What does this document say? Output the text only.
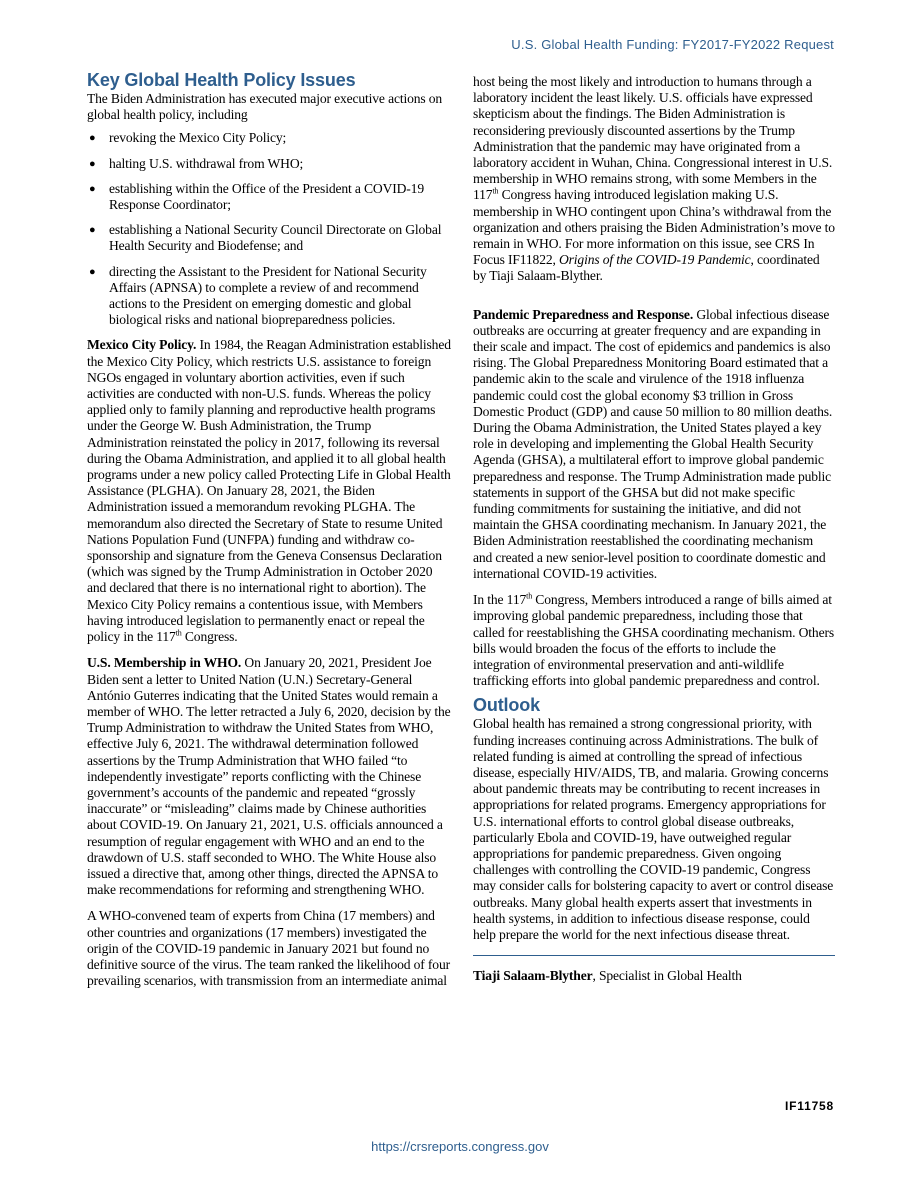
U.S. Global Health Funding: FY2017-FY2022 Request
Key Global Health Policy Issues

The Biden Administration has executed major executive actions on global health policy, including

● revoking the Mexico City Policy;
● halting U.S. withdrawal from WHO;
● establishing within the Office of the President a COVID-19 Response Coordinator;
● establishing a National Security Council Directorate on Global Health Security and Biodefense; and
● directing the Assistant to the President for National Security Affairs (APNSA) to complete a review of and recommend actions to the President on emerging domestic and global biological risks and national biopreparedness policies.

Mexico City Policy. In 1984, the Reagan Administration established the Mexico City Policy, which restricts U.S. assistance to foreign NGOs engaged in voluntary abortion activities, even if such activities are conducted with non-U.S. funds. Whereas the policy applied only to family planning and reproductive health programs under the George W. Bush Administration, the Trump Administration reinstated the policy in 2017, following its reversal during the Obama Administration, and applied it to all global health programs under a new policy called Protecting Life in Global Health Assistance (PLGHA). On January 28, 2021, the Biden Administration issued a memorandum revoking PLGHA. The memorandum also directed the Secretary of State to resume United Nations Population Fund (UNFPA) funding and withdraw co-sponsorship and signature from the Geneva Consensus Declaration (which was signed by the Trump Administration in October 2020 and declared that there is no international right to abortion). The Mexico City Policy remains a contentious issue, with Members having introduced legislation to permanently enact or repeal the policy in the 117th Congress.

U.S. Membership in WHO. On January 20, 2021, President Joe Biden sent a letter to United Nation (U.N.) Secretary-General António Guterres indicating that the United States would remain a member of WHO. The letter retracted a July 6, 2020, decision by the Trump Administration to withdraw the United States from WHO, effective July 6, 2021. The withdrawal determination followed assertions by the Trump Administration that WHO failed “to independently investigate” reports conflicting with the Chinese government’s accounts of the pandemic and repeated “grossly inaccurate” or “misleading” claims made by Chinese authorities about COVID-19. On January 21, 2021, U.S. officials announced a resumption of regular engagement with WHO and an end to the drawdown of U.S. staff seconded to WHO. The White House also issued a directive that, among other things, directed the APNSA to make recommendations for reforming and strengthening WHO.

A WHO-convened team of experts from China (17 members) and other countries and organizations (17 members) investigated the origin of the COVID-19 pandemic in January 2021 but found no definitive source of the virus. The team ranked the likelihood of four prevailing scenarios, with transmission from an intermediate animal

host being the most likely and introduction to humans through a laboratory incident the least likely. U.S. officials have expressed skepticism about the findings. The Biden Administration is reconsidering previously discounted assertions by the Trump Administration that the pandemic may have originated from a laboratory accident in Wuhan, China. Congressional interest in U.S. membership in WHO remains strong, with some Members in the 117th Congress having introduced legislation making U.S. membership in WHO contingent upon China’s withdrawal from the organization and others praising the Biden Administration’s move to remain in WHO. For more information on this issue, see CRS In Focus IF11822, Origins of the COVID-19 Pandemic, coordinated by Tiaji Salaam-Blyther.

Pandemic Preparedness and Response. Global infectious disease outbreaks are occurring at greater frequency and are expanding in their scale and impact. The cost of epidemics and pandemics is also rising. The Global Preparedness Monitoring Board estimated that a pandemic akin to the scale and virulence of the 1918 influenza pandemic could cost the global economy $3 trillion in Gross Domestic Product (GDP) and cause 50 million to 80 million deaths. During the Obama Administration, the United States played a key role in developing and implementing the Global Health Security Agenda (GHSA), a multilateral effort to improve global pandemic preparedness and response. The Trump Administration made public statements in support of the GHSA but did not make specific funding commitments for sustaining the initiative, and did not maintain the GHSA coordinating mechanism. In January 2021, the Biden Administration reestablished the coordinating mechanism and created a new senior-level position to coordinate domestic and international COVID-19 activities.

In the 117th Congress, Members introduced a range of bills aimed at improving global pandemic preparedness, including those that called for reestablishing the GHSA coordinating mechanism. Others bills would broaden the focus of the efforts to include the integration of environmental preservation and anti-wildlife trafficking efforts into global pandemic preparedness and control.

Outlook

Global health has remained a strong congressional priority, with funding increases continuing across Administrations. The bulk of related funding is aimed at controlling the spread of infectious disease, especially HIV/AIDS, TB, and malaria. Growing concerns about pandemic threats may be contributing to recent increases in appropriations for related programs. Emergency appropriations for U.S. international efforts to control global disease outbreaks, particularly Ebola and COVID-19, have outweighed regular appropriations for pandemic preparedness. Given ongoing challenges with controlling the COVID-19 pandemic, Congress may consider calls for bolstering capacity to avert or control disease outbreaks. Many global health experts assert that investments in health systems, in addition to infectious disease response, could help prepare the world for the next infectious disease threat.

Tiaji Salaam-Blyther, Specialist in Global Health
IF11758
https://crsreports.congress.gov
